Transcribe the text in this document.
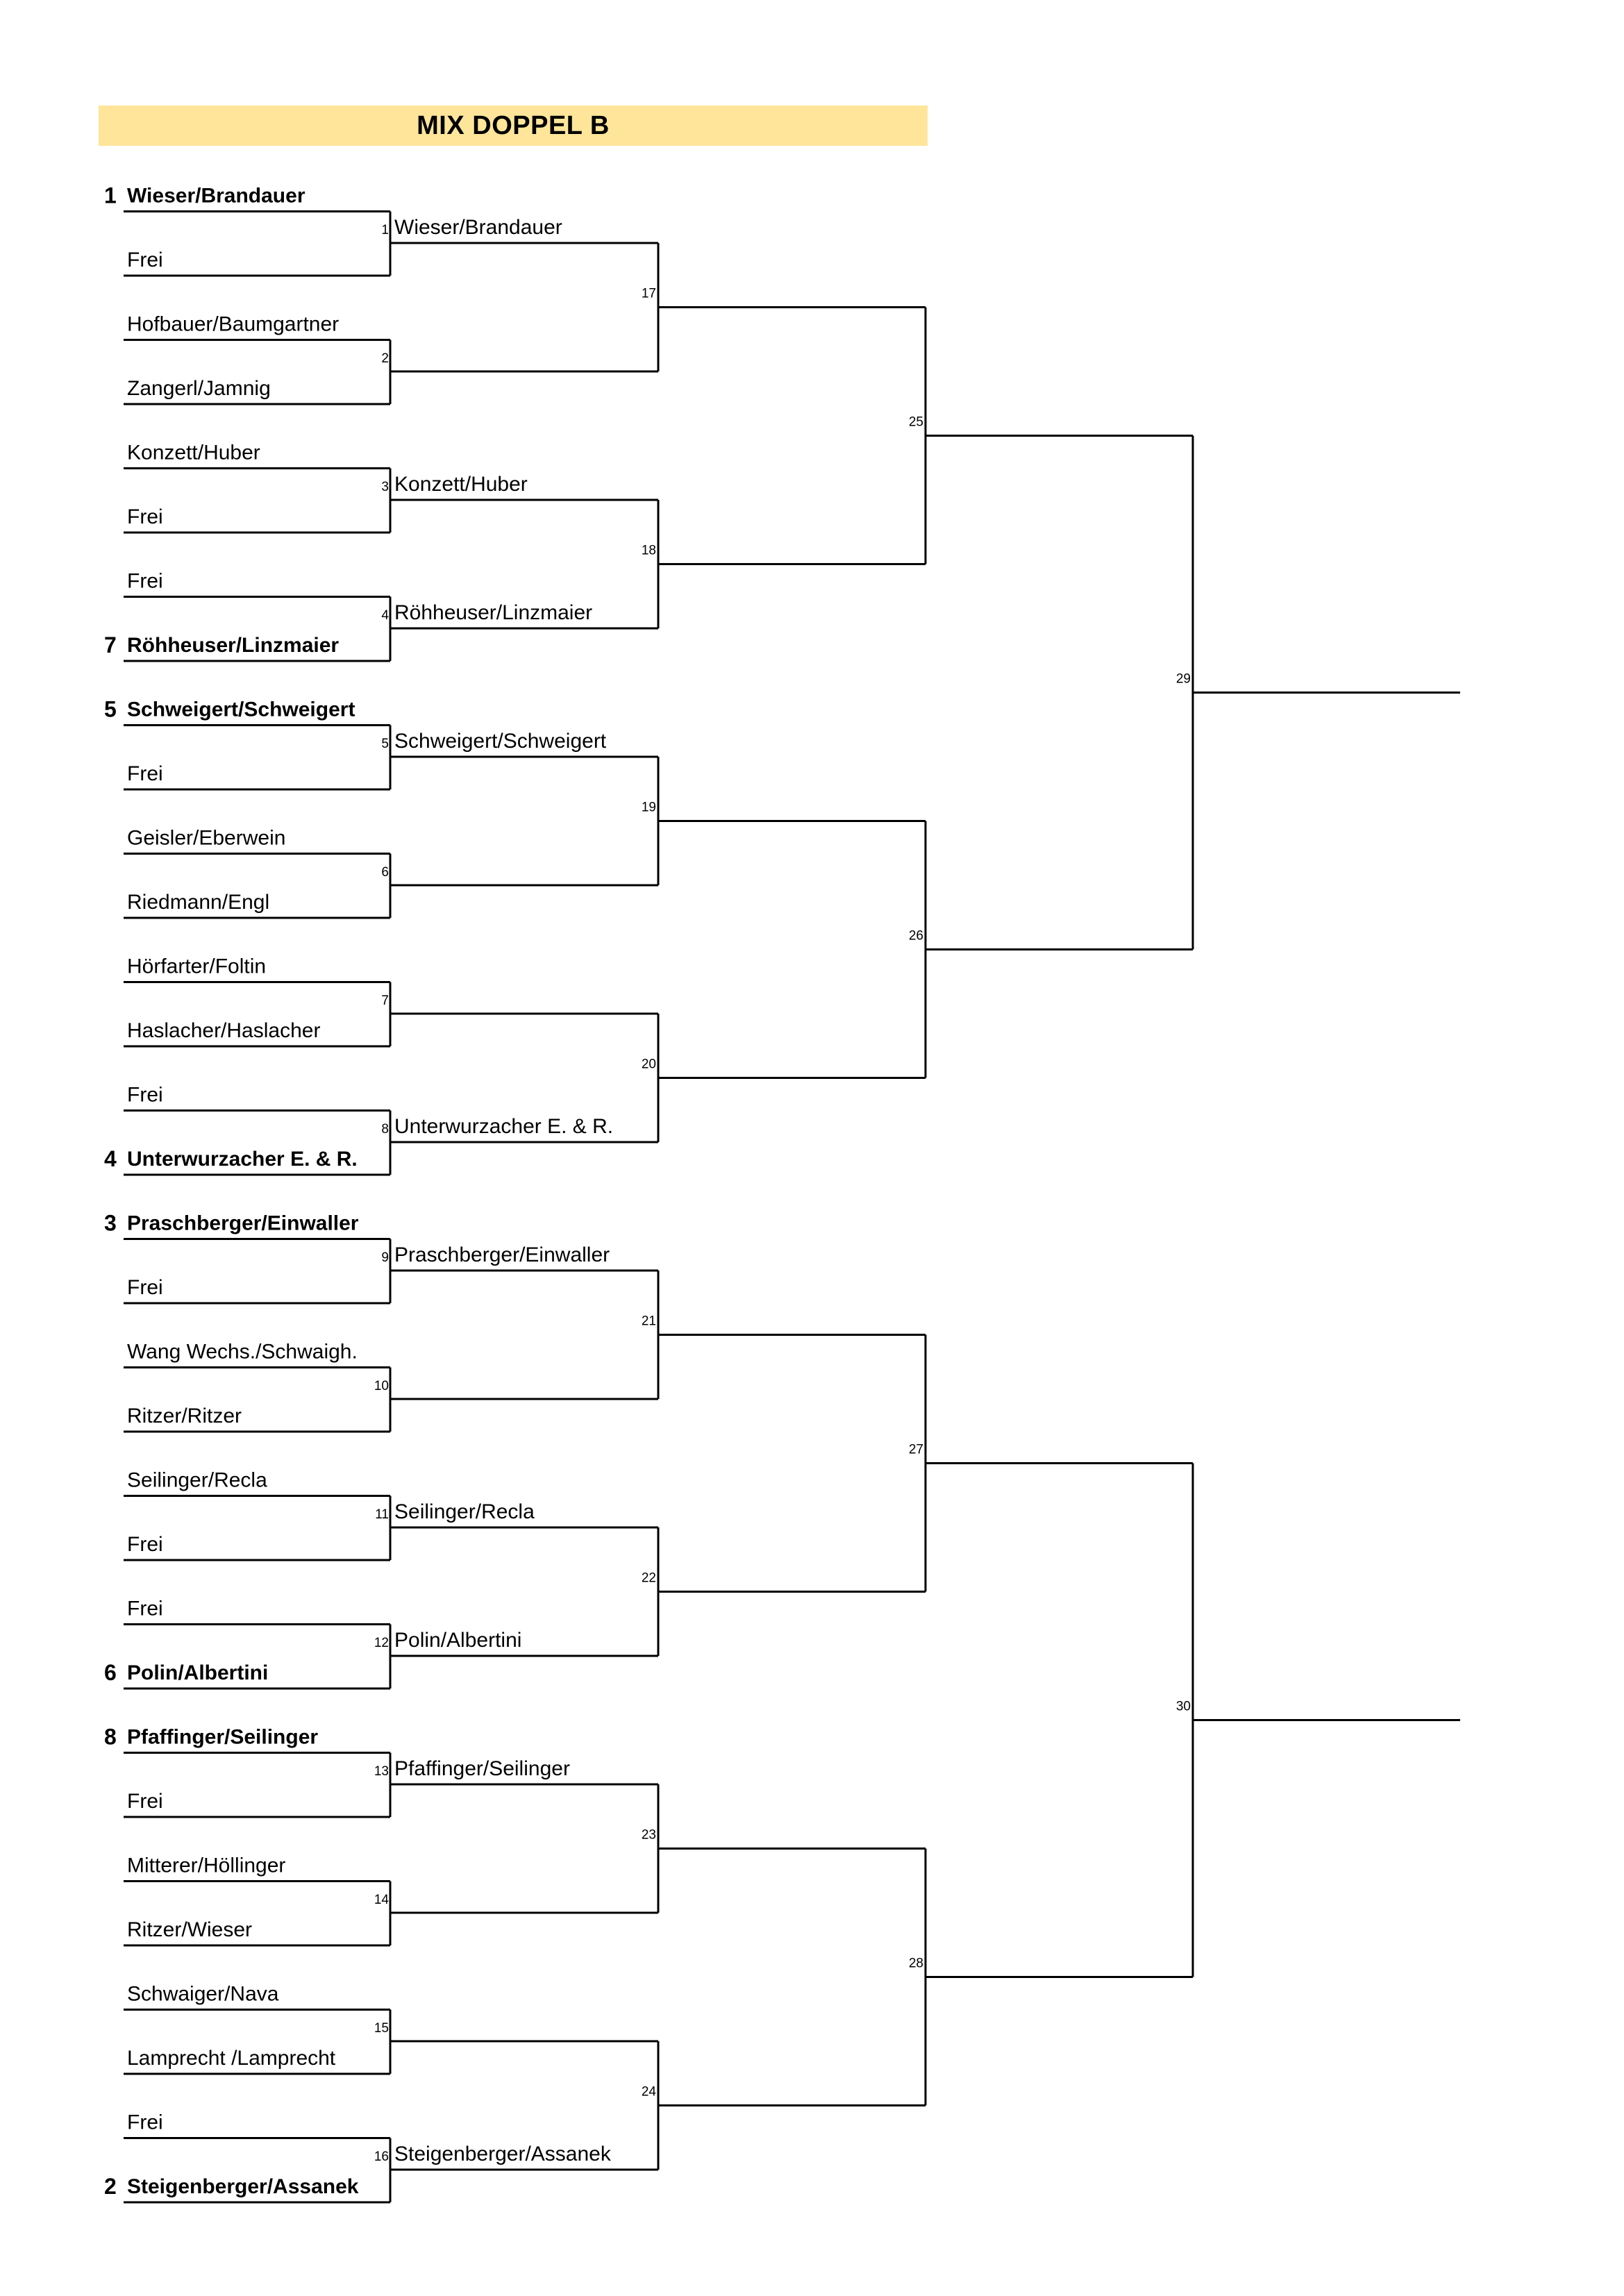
MIX DOPPEL B
1 Wieser/Brandauer
Frei
Hofbauer/Baumgartner
Zangerl/Jamnig
Konzett/Huber
Frei
Frei
7 Röhheuser/Linzmaier
5 Schweigert/Schweigert
Frei
Geisler/Eberwein
Riedmann/Engl
Hörfarter/Foltin
Haslacher/Haslacher
Frei
4 Unterwurzacher E. & R.
3 Praschberger/Einwaller
Frei
Wang Wechs./Schwaigh.
Ritzer/Ritzer
Seilinger/Recla
Frei
Frei
6 Polin/Albertini
8 Pfaffinger/Seilinger
Frei
Mitterer/Höllinger
Ritzer/Wieser
Schwaiger/Nava
Lamprecht /Lamprecht
Frei
2 Steigenberger/Assanek
1 Wieser/Brandauer
2
3 Konzett/Huber
4 Röhheuser/Linzmaier
5 Schweigert/Schweigert
6
7
8 Unterwurzacher E. & R.
9 Praschberger/Einwaller
10
11 Seilinger/Recla
12 Polin/Albertini
13 Pfaffinger/Seilinger
14
15
16 Steigenberger/Assanek
17
18
19
20
21
22
23
24
25
26
27
28
29
30
